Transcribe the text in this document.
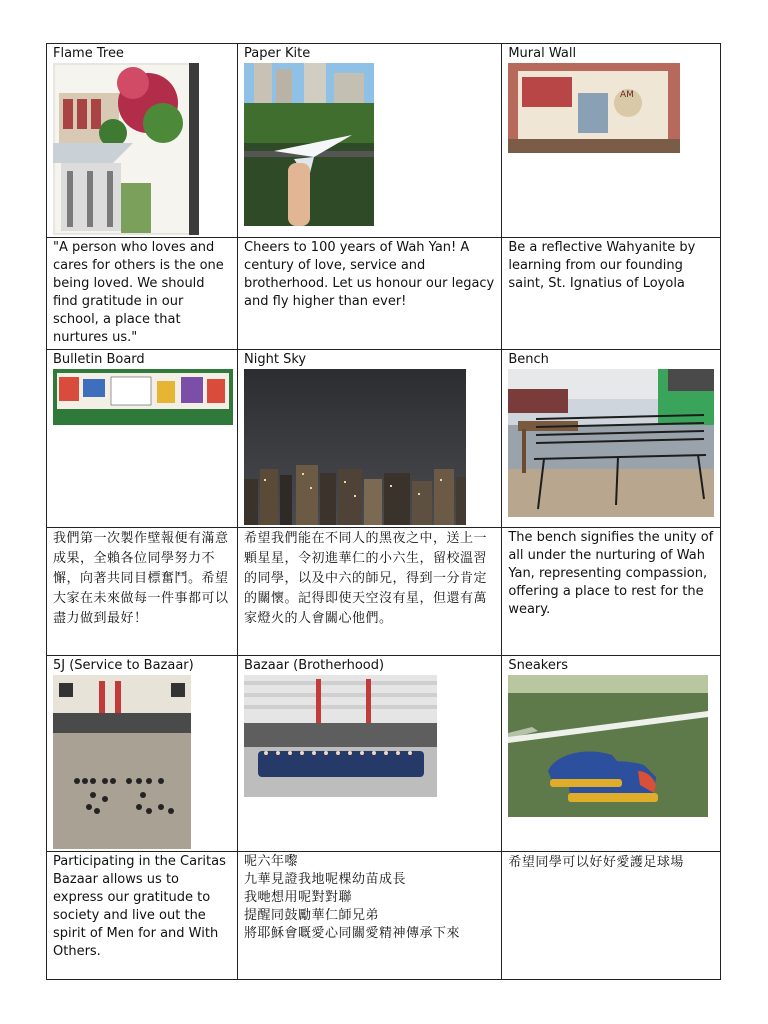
Flame Tree	Paper Kite	Mural Wall
AM

"A person who loves and cares for others is the one being loved. We should find gratitude in our school, a place that nurtures us."	Cheers to 100 years of Wah Yan! A century of love, service and brotherhood. Let us honour our legacy and fly higher than ever!	Be a reflective Wahyanite by learning from our founding saint, St. Ignatius of Loyola

Bulletin Board	Night Sky	Bench

我們第一次製作壁報便有滿意成果，全賴各位同學努力不懈，向著共同目標奮鬥。希望大家在未來做每一件事都可以盡力做到最好！	希望我們能在不同人的黑夜之中，送上一顆星星，令初進華仁的小六生，留校溫習的同學，以及中六的師兄，得到一分肯定的關懷。記得即使天空沒有星，但還有萬家燈火的人會關心他們。	The bench signifies the unity of all under the nurturing of Wah Yan, representing compassion, offering a place to rest for the weary.

5J (Service to Bazaar)	Bazaar (Brotherhood)	Sneakers

Participating in the Caritas Bazaar allows us to express our gratitude to society and live out the spirit of Men for and With Others.	呢六年嚟
九華見證我地呢棵幼苗成長
我哋想用呢對對聯
提醒同鼓勵華仁師兄弟
將耶穌會嘅愛心同關愛精神傳承下來	希望同學可以好好愛護足球場
